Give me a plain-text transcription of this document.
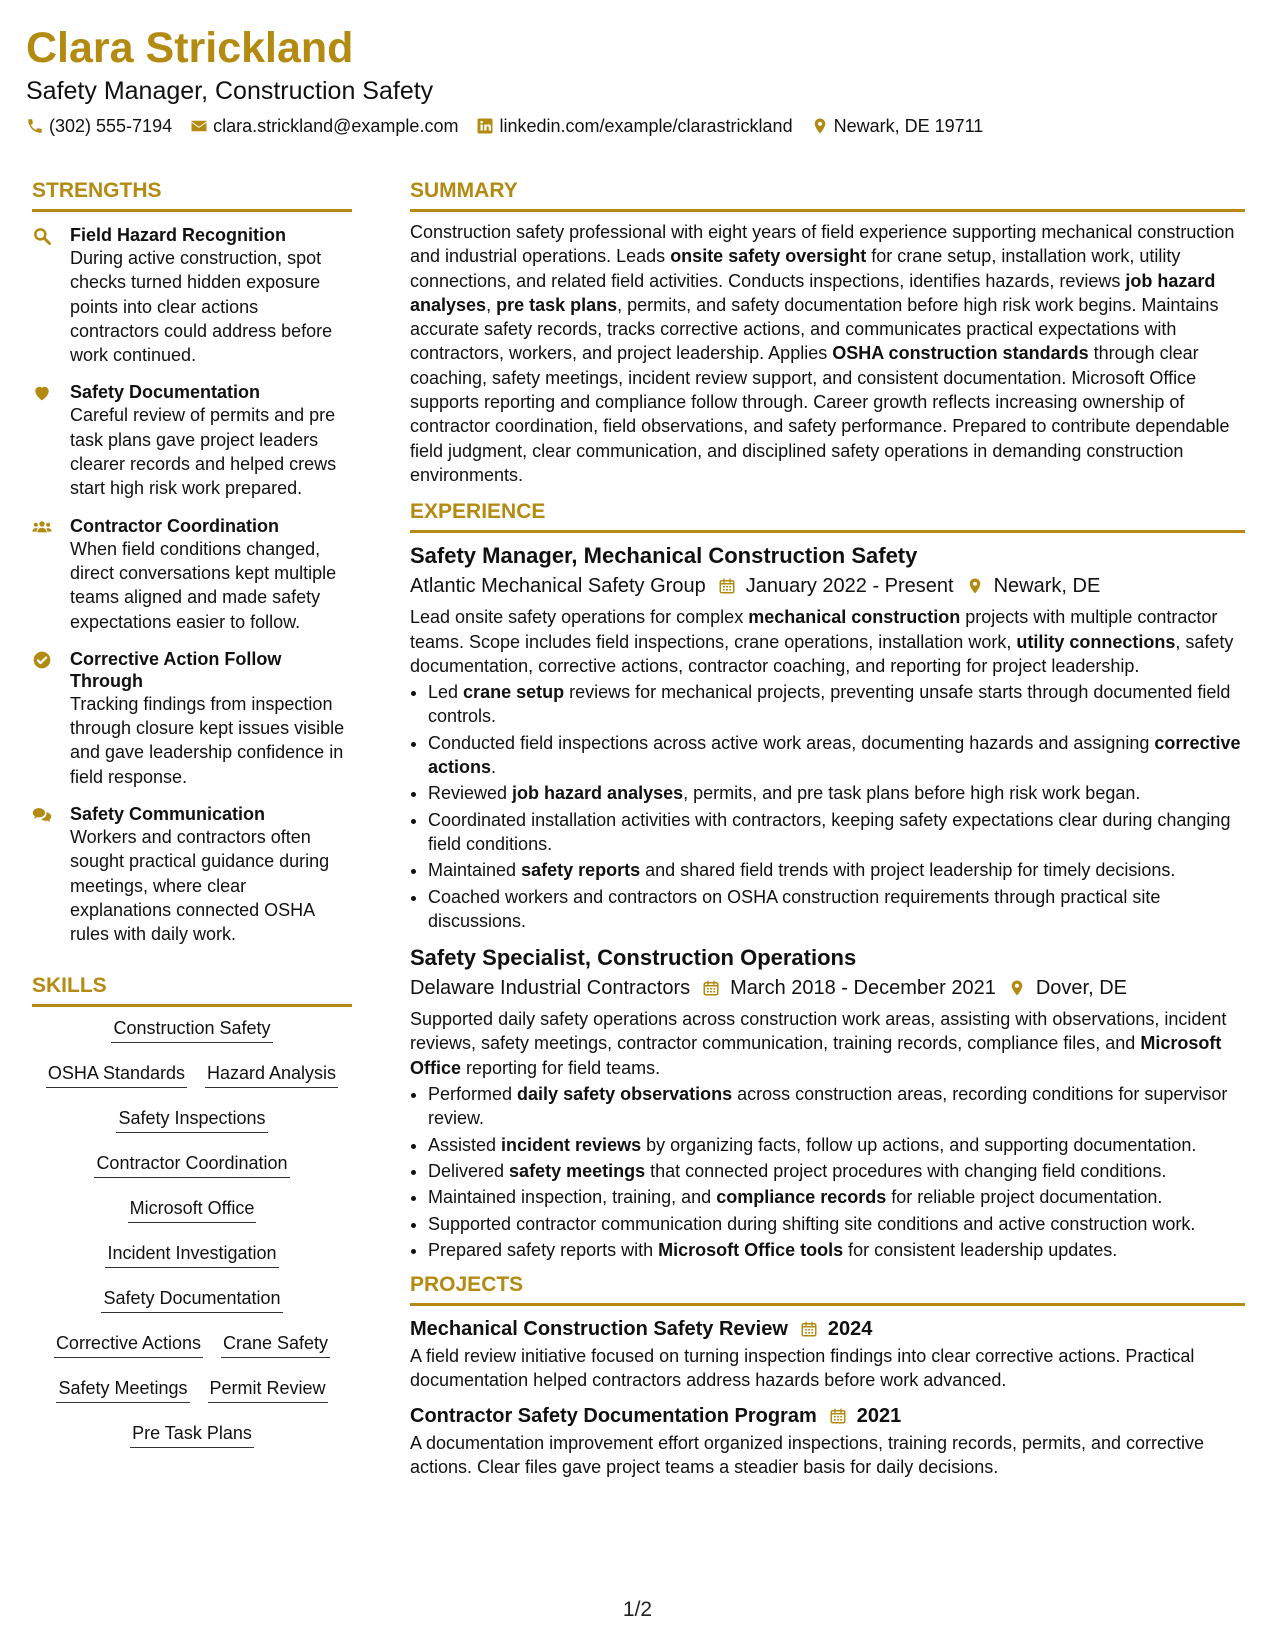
Clara Strickland
Safety Manager, Construction Safety
(302) 555-7194 clara.strickland@example.com linkedin.com/example/clarastrickland Newark, DE 19711
STRENGTHS
Field Hazard Recognition
During active construction, spot checks turned hidden exposure points into clear actions contractors could address before work continued.
Safety Documentation
Careful review of permits and pre task plans gave project leaders clearer records and helped crews start high risk work prepared.
Contractor Coordination
When field conditions changed, direct conversations kept multiple teams aligned and made safety expectations easier to follow.
Corrective Action Follow Through
Tracking findings from inspection through closure kept issues visible and gave leadership confidence in field response.
Safety Communication
Workers and contractors often sought practical guidance during meetings, where clear explanations connected OSHA rules with daily work.
SKILLS
Construction Safety
OSHA Standards Hazard Analysis
Safety Inspections
Contractor Coordination
Microsoft Office
Incident Investigation
Safety Documentation
Corrective Actions Crane Safety
Safety Meetings Permit Review
Pre Task Plans
SUMMARY

Construction safety professional with eight years of field experience supporting mechanical construction and industrial operations. Leads onsite safety oversight for crane setup, installation work, utility connections, and related field activities. Conducts inspections, identifies hazards, reviews job hazard analyses, pre task plans, permits, and safety documentation before high risk work begins. Maintains accurate safety records, tracks corrective actions, and communicates practical expectations with contractors, workers, and project leadership. Applies OSHA construction standards through clear coaching, safety meetings, incident review support, and consistent documentation. Microsoft Office supports reporting and compliance follow through. Career growth reflects increasing ownership of contractor coordination, field observations, and safety performance. Prepared to contribute dependable field judgment, clear communication, and disciplined safety operations in demanding construction environments.

EXPERIENCE
Safety Manager, Mechanical Construction Safety
Atlantic Mechanical Safety Group January 2022 - Present Newark, DE

Lead onsite safety operations for complex mechanical construction projects with multiple contractor teams. Scope includes field inspections, crane operations, installation work, utility connections, safety documentation, corrective actions, contractor coaching, and reporting for project leadership.

• Led crane setup reviews for mechanical projects, preventing unsafe starts through documented field controls.
• Conducted field inspections across active work areas, documenting hazards and assigning corrective actions.
• Reviewed job hazard analyses, permits, and pre task plans before high risk work began.
• Coordinated installation activities with contractors, keeping safety expectations clear during changing field conditions.
• Maintained safety reports and shared field trends with project leadership for timely decisions.
• Coached workers and contractors on OSHA construction requirements through practical site discussions.
Safety Specialist, Construction Operations
Delaware Industrial Contractors March 2018 - December 2021 Dover, DE

Supported daily safety operations across construction work areas, assisting with observations, incident reviews, safety meetings, contractor communication, training records, compliance files, and Microsoft Office reporting for field teams.

• Performed daily safety observations across construction areas, recording conditions for supervisor review.
• Assisted incident reviews by organizing facts, follow up actions, and supporting documentation.
• Delivered safety meetings that connected project procedures with changing field conditions.
• Maintained inspection, training, and compliance records for reliable project documentation.
• Supported contractor communication during shifting site conditions and active construction work.
• Prepared safety reports with Microsoft Office tools for consistent leadership updates.
PROJECTS
Mechanical Construction Safety Review 2024

A field review initiative focused on turning inspection findings into clear corrective actions. Practical documentation helped contractors address hazards before work advanced.

Contractor Safety Documentation Program 2021

A documentation improvement effort organized inspections, training records, permits, and corrective actions. Clear files gave project teams a steadier basis for daily decisions.

1/2
